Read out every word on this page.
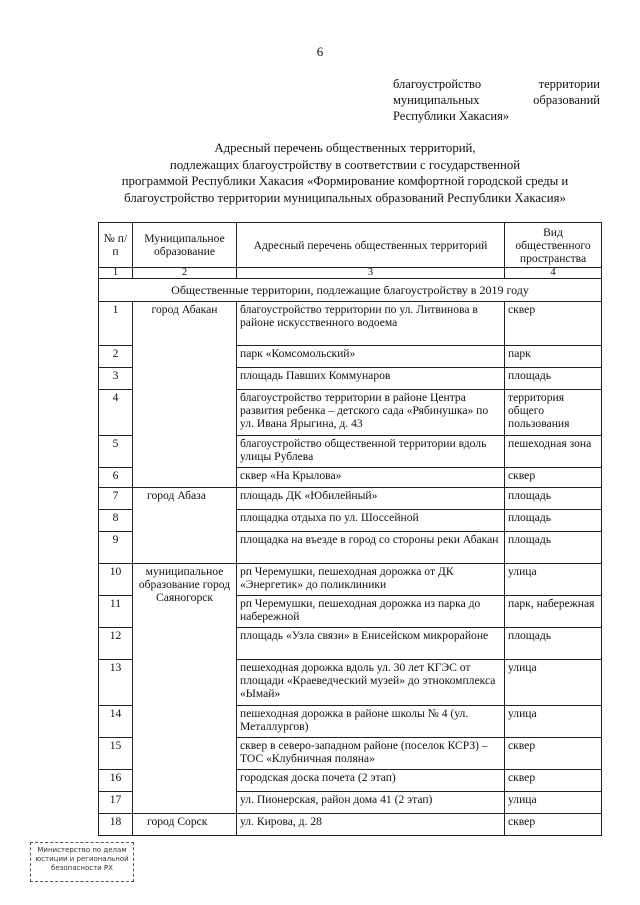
6
благоустройство территории
муниципальных образований
Республики Хакасия»
Адресный перечень общественных территорий,
подлежащих благоустройству в соответствии с государственной
программой Республики Хакасия «Формирование комфортной городской среды и
благоустройство территории муниципальных образований Республики Хакасия»
№ п/п	Муниципальное образование	Адресный перечень общественных территорий	Вид общественного пространства
1	2	3	4
Общественные территории, подлежащие благоустройству в 2019 году			
1	город Абакан	благоустройство территории по ул. Литвинова в районе искусственного водоема	сквер
2		парк «Комсомольский»	парк
3		площадь Павших Коммунаров	площадь
4		благоустройство территории в районе Центра развития ребенка – детского сада «Рябинушка» по ул. Ивана Ярыгина, д. 43	территория общего пользования
5		благоустройство общественной территории вдоль улицы Рублева	пешеходная зона
6		сквер «На Крылова»	сквер
7	город Абаза	площадь ДК «Юбилейный»	площадь
8		площадка отдыха по ул. Шоссейной	площадь
9		площадка на въезде в город со стороны реки Абакан	площадь
10	муниципальное образование город Саяногорск	рп Черемушки, пешеходная дорожка от ДК «Энергетик» до поликлиники	улица
11		рп Черемушки, пешеходная дорожка из парка до набережной	парк, набережная
12		площадь «Узла связи» в Енисейском микрорайоне	площадь
13		пешеходная дорожка вдоль ул. 30 лет КГЭС от площади «Краеведческий музей» до этнокомплекса «Ымай»	улица
14		пешеходная дорожка в районе школы № 4 (ул. Металлургов)	улица
15		сквер в северо-западном районе (поселок КСРЗ) – ТОС «Клубничная поляна»	сквер
16		городская доска почета (2 этап)	сквер
17		ул. Пионерская, район дома 41 (2 этап)	улица
18	город Сорск	ул. Кирова, д. 28	сквер
Министерство по делам
юстиции и региональной
безопасности РХ
